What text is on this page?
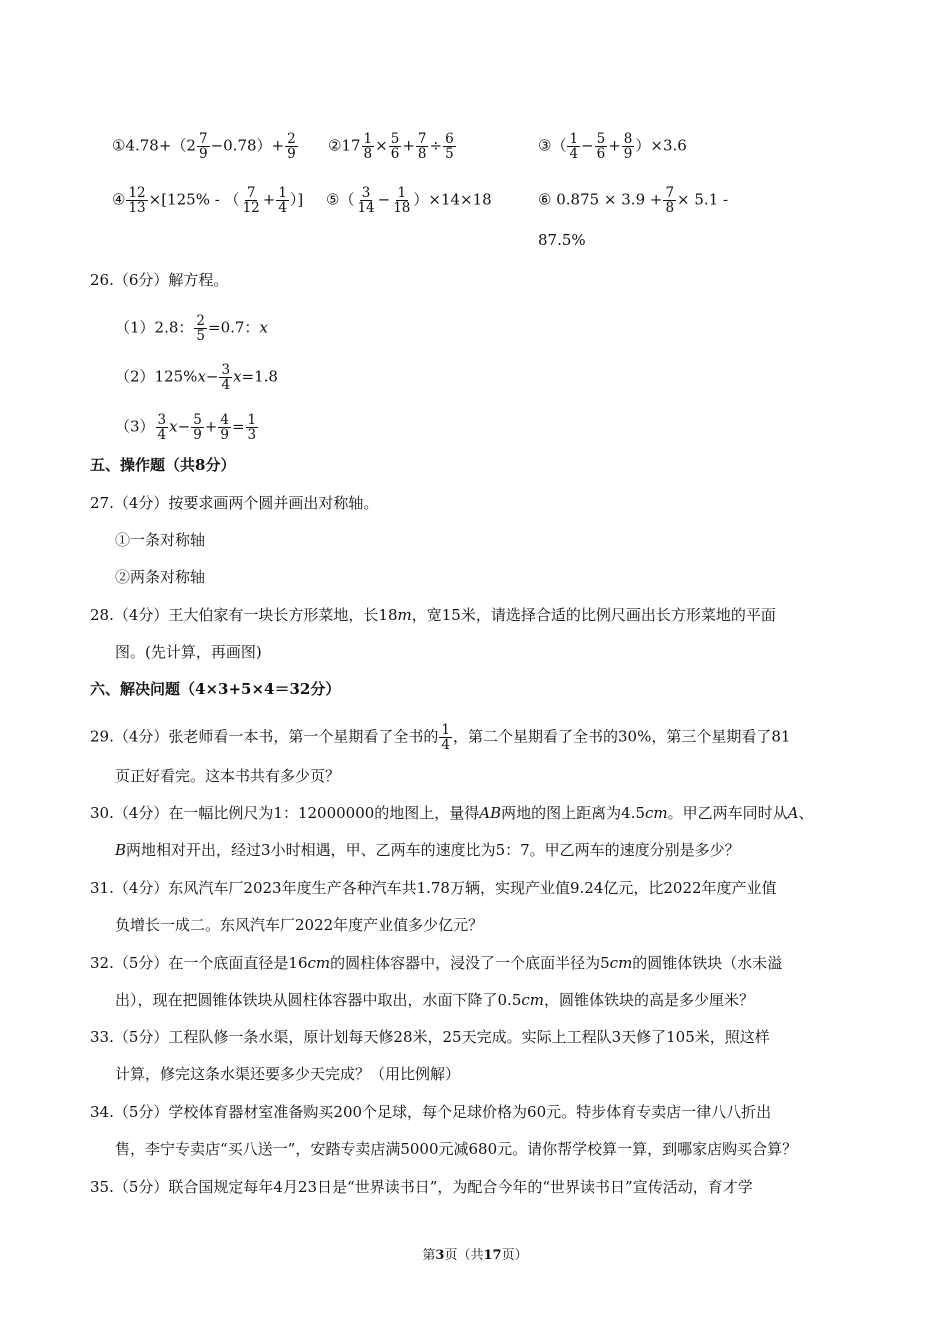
①4.78+（2 $\frac{7}{9} -0.78)+ \frac{2}{9}$ ②17 $\frac{1}{8} \times \frac{5}{6} + \frac{7}{8} \div \frac{6}{5}$	③（ $\frac{1}{4} - \frac{5}{6} + \frac{8}{9} )\times 3.6$
④ $\frac{12}{13} \times[125\%$ - （ $\frac{7}{12} + \frac{1}{4}$ ）] ⑤（ $\frac{3}{14} - \frac{1}{18} )\times 14\times 18$	⑥ $0.875 \times 3.9 + \frac{7}{8} \times 5.1$ -
87.5%
26.（6分）解方程。
（1）2.8： $\frac{2}{5} =0.7$：x
$(2)125\%x- \frac{3}{4} x=1.8$
$(3) \frac{3}{4} x- \frac{5}{9} + \frac{4}{9} = \frac{1}{3}$
五、操作题（共8分）
27.（4分）按要求画两个圆并画出对称轴。
①一条对称轴
②两条对称轴
28.（4分）王大伯家有一块长方形菜地，长18m，宽15米，请选择合适的比例尺画出长方形菜地的平面
图。(先计算，再画图)
六、解决问题（4×3+5×4＝32分）
29.（4分）张老师看一本书，第一个星期看了全书的 $\frac{1}{4}$ ，第二个星期看了全书的30%，第三个星期看了81
页正好看完。这本书共有多少页？
30.（4分）在一幅比例尺为1：12000000的地图上，量得AB两地的图上距离为4.5cm。甲乙两车同时从A、
B两地相对开出，经过3小时相遇，甲、乙两车的速度比为5：7。甲乙两车的速度分别是多少？
31.（4分）东风汽车厂2023年度生产各种汽车共1.78万辆，实现产业值9.24亿元，比2022年度产业值
负增长一成二。东风汽车厂2022年度产业值多少亿元？
32.（5分）在一个底面直径是16cm的圆柱体容器中，浸没了一个底面半径为5cm的圆锥体铁块（水未溢
出），现在把圆锥体铁块从圆柱体容器中取出，水面下降了0.5cm，圆锥体铁块的高是多少厘米？
33.（5分）工程队修一条水渠，原计划每天修28米，25天完成。实际上工程队3天修了105米，照这样
计算，修完这条水渠还要多少天完成？（用比例解）
34.（5分）学校体育器材室准备购买200个足球，每个足球价格为60元。特步体育专卖店一律八八折出
售，李宁专卖店“买八送一”，安踏专卖店满5000元减680元。请你帮学校算一算，到哪家店购买合算？
35.（5分）联合国规定每年4月23日是“世界读书日”，为配合今年的“世界读书日”宣传活动，育才学
第3页（共17页）
